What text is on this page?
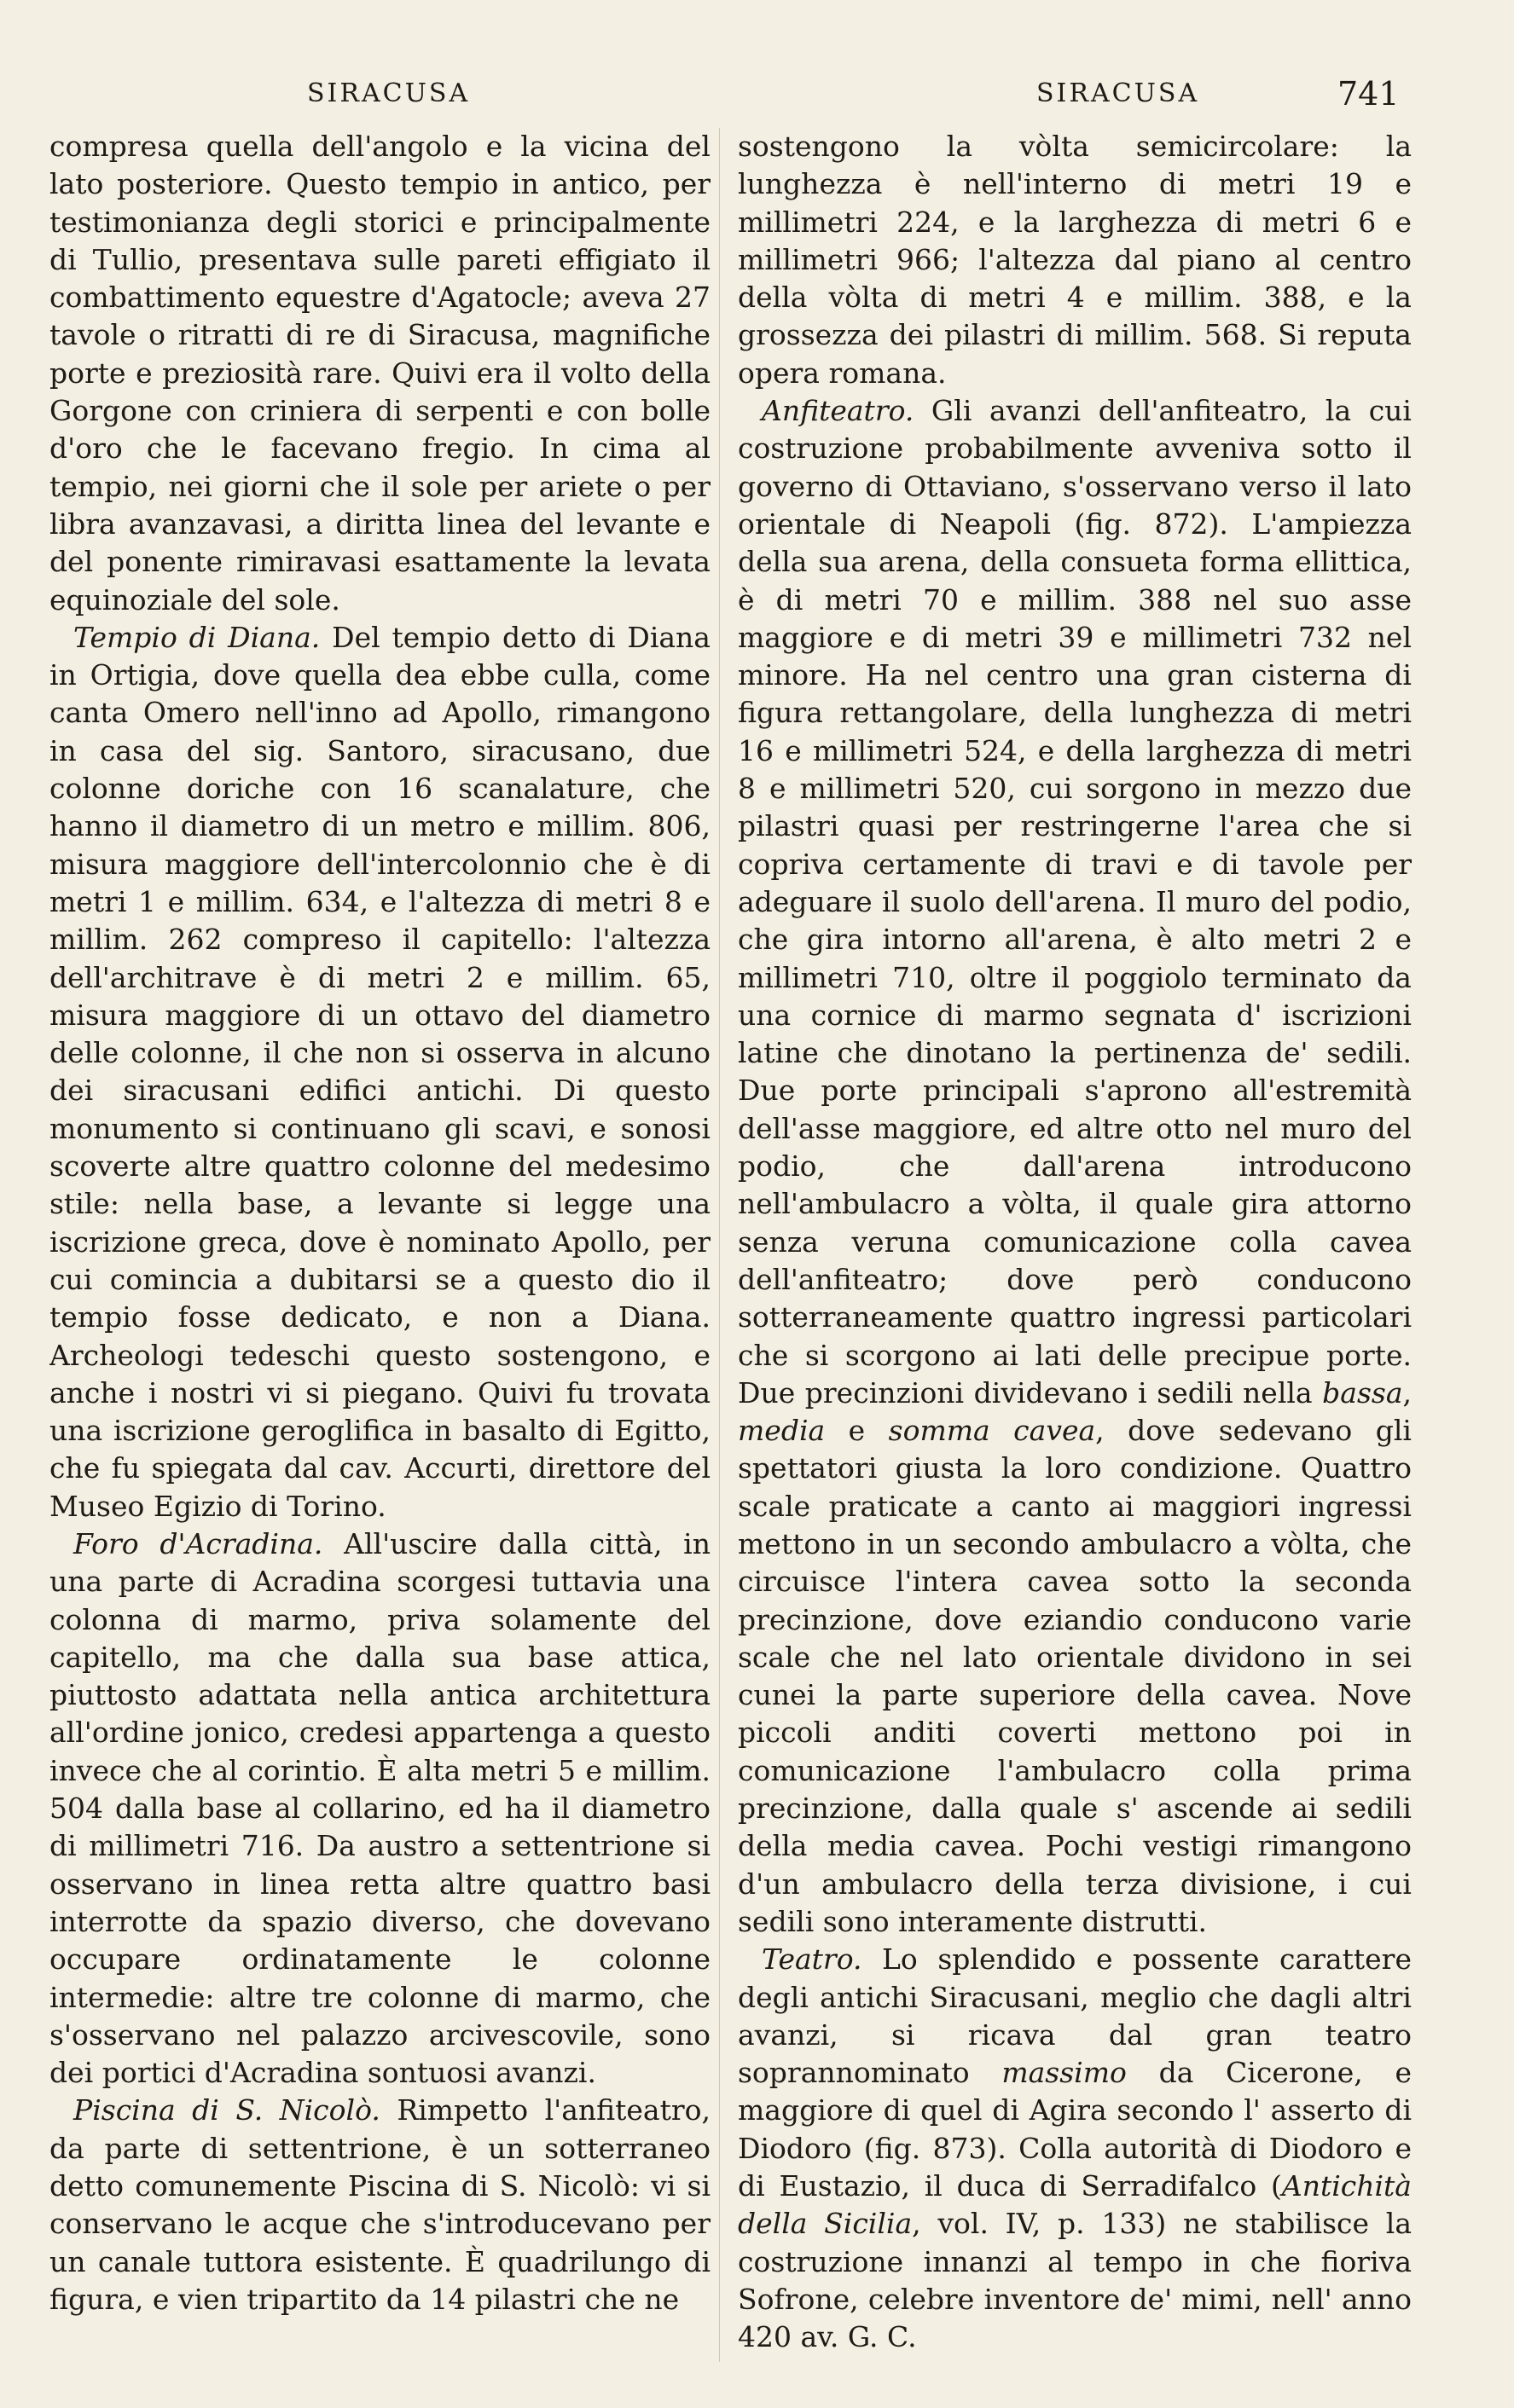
SIRACUSA	SIRACUSA	741

compresa quella dell'angolo e la vicina del lato posteriore. Questo tempio in antico, per testimonianza degli storici e principalmente di Tullio, presentava sulle pareti effigiato il combattimento equestre d'Agatocle; aveva 27 tavole o ritratti di re di Siracusa, magnifiche porte e preziosità rare. Quivi era il volto della Gorgone con criniera di serpenti e con bolle d'oro che le facevano fregio. In cima al tempio, nei giorni che il sole per ariete o per libra avanzavasi, a diritta linea del levante e del ponente rimiravasi esattamente la levata equinoziale del sole.

Tempio di Diana. Del tempio detto di Diana in Ortigia, dove quella dea ebbe culla, come canta Omero nell'inno ad Apollo, rimangono in casa del sig. Santoro, siracusano, due colonne doriche con 16 scanalature, che hanno il diametro di un metro e millim. 806, misura maggiore dell'intercolonnio che è di metri 1 e millim. 634, e l'altezza di metri 8 e millim. 262 compreso il capitello: l'altezza dell'architrave è di metri 2 e millim. 65, misura maggiore di un ottavo del diametro delle colonne, il che non si osserva in alcuno dei siracusani edifici antichi. Di questo monumento si continuano gli scavi, e sonosi scoverte altre quattro colonne del medesimo stile: nella base, a levante si legge una iscrizione greca, dove è nominato Apollo, per cui comincia a dubitarsi se a questo dio il tempio fosse dedicato, e non a Diana. Archeologi tedeschi questo sostengono, e anche i nostri vi si piegano. Quivi fu trovata una iscrizione geroglifica in basalto di Egitto, che fu spiegata dal cav. Accurti, direttore del Museo Egizio di Torino.

Foro d'Acradina. All'uscire dalla città, in una parte di Acradina scorgesi tuttavia una colonna di marmo, priva solamente del capitello, ma che dalla sua base attica, piuttosto adattata nella antica architettura all'ordine jonico, credesi appartenga a questo invece che al corintio. È alta metri 5 e millim. 504 dalla base al collarino, ed ha il diametro di millimetri 716. Da austro a settentrione si osservano in linea retta altre quattro basi interrotte da spazio diverso, che dovevano occupare ordinatamente le colonne intermedie: altre tre colonne di marmo, che s'osservano nel palazzo arcivescovile, sono dei portici d'Acradina sontuosi avanzi.

Piscina di S. Nicolò. Rimpetto l'anfiteatro, da parte di settentrione, è un sotterraneo detto comunemente Piscina di S. Nicolò: vi si conservano le acque che s'introducevano per un canale tuttora esistente. È quadrilungo di figura, e vien tripartito da 14 pilastri che ne

sostengono la vòlta semicircolare: la lunghezza è nell'interno di metri 19 e millimetri 224, e la larghezza di metri 6 e millimetri 966; l'altezza dal piano al centro della vòlta di metri 4 e millim. 388, e la grossezza dei pilastri di millim. 568. Si reputa opera romana.

Anfiteatro. Gli avanzi dell'anfiteatro, la cui costruzione probabilmente avveniva sotto il governo di Ottaviano, s'osservano verso il lato orientale di Neapoli (fig. 872). L'ampiezza della sua arena, della consueta forma ellittica, è di metri 70 e millim. 388 nel suo asse maggiore e di metri 39 e millimetri 732 nel minore. Ha nel centro una gran cisterna di figura rettangolare, della lunghezza di metri 16 e millimetri 524, e della larghezza di metri 8 e millimetri 520, cui sorgono in mezzo due pilastri quasi per restringerne l'area che si copriva certamente di travi e di tavole per adeguare il suolo dell'arena. Il muro del podio, che gira intorno all'arena, è alto metri 2 e millimetri 710, oltre il poggiolo terminato da una cornice di marmo segnata d' iscrizioni latine che dinotano la pertinenza de' sedili. Due porte principali s'aprono all'estremità dell'asse maggiore, ed altre otto nel muro del podio, che dall'arena introducono nell'ambulacro a vòlta, il quale gira attorno senza veruna comunicazione colla cavea dell'anfiteatro; dove però conducono sotterraneamente quattro ingressi particolari che si scorgono ai lati delle precipue porte. Due precinzioni dividevano i sedili nella bassa, media e somma cavea, dove sedevano gli spettatori giusta la loro condizione. Quattro scale praticate a canto ai maggiori ingressi mettono in un secondo ambulacro a vòlta, che circuisce l'intera cavea sotto la seconda precinzione, dove eziandio conducono varie scale che nel lato orientale dividono in sei cunei la parte superiore della cavea. Nove piccoli anditi coverti mettono poi in comunicazione l'ambulacro colla prima precinzione, dalla quale s' ascende ai sedili della media cavea. Pochi vestigi rimangono d'un ambulacro della terza divisione, i cui sedili sono interamente distrutti.

Teatro. Lo splendido e possente carattere degli antichi Siracusani, meglio che dagli altri avanzi, si ricava dal gran teatro soprannominato massimo da Cicerone, e maggiore di quel di Agira secondo l' asserto di Diodoro (fig. 873). Colla autorità di Diodoro e di Eustazio, il duca di Serradifalco (Antichità della Sicilia, vol. IV, p. 133) ne stabilisce la costruzione innanzi al tempo in che fioriva Sofrone, celebre inventore de' mimi, nell' anno 420 av. G. C.
